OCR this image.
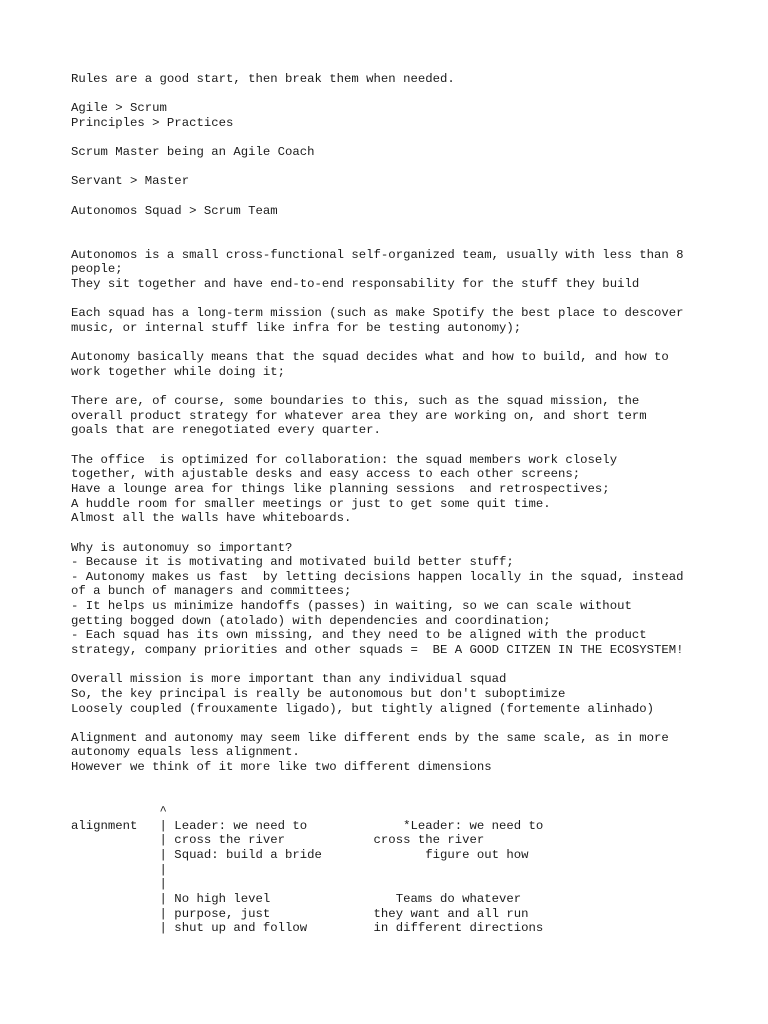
Rules are a good start, then break them when needed.
Agile > Scrum
Principles > Practices
Scrum Master being an Agile Coach
Servant > Master
Autonomos Squad > Scrum Team
Autonomos is a small cross-functional self-organized team, usually with less than 8
people;
They sit together and have end-to-end responsability for the stuff they build
Each squad has a long-term mission (such as make Spotify the best place to descover
music, or internal stuff like infra for be testing autonomy);
Autonomy basically means that the squad decides what and how to build, and how to
work together while doing it;
There are, of course, some boundaries to this, such as the squad mission, the
overall product strategy for whatever area they are working on, and short term
goals that are renegotiated every quarter.
The office  is optimized for collaboration: the squad members work closely
together, with ajustable desks and easy access to each other screens;
Have a lounge area for things like planning sessions  and retrospectives;
A huddle room for smaller meetings or just to get some quit time.
Almost all the walls have whiteboards.
Why is autonomuy so important?
- Because it is motivating and motivated build better stuff;
- Autonomy makes us fast  by letting decisions happen locally in the squad, instead
of a bunch of managers and committees;
- It helps us minimize handoffs (passes) in waiting, so we can scale without
getting bogged down (atolado) with dependencies and coordination;
- Each squad has its own missing, and they need to be aligned with the product
strategy, company priorities and other squads =  BE A GOOD CITZEN IN THE ECOSYSTEM!
Overall mission is more important than any individual squad
So, the key principal is really be autonomous but don't suboptimize
Loosely coupled (frouxamente ligado), but tightly aligned (fortemente alinhado)
Alignment and autonomy may seem like different ends by the same scale, as in more
autonomy equals less alignment.
However we think of it more like two different dimensions
^
alignment   | Leader: we need to             *Leader: we need to
| cross the river            cross the river
| Squad: build a bride              figure out how
|
|
| No high level                 Teams do whatever
| purpose, just              they want and all run
| shut up and follow         in different directions
